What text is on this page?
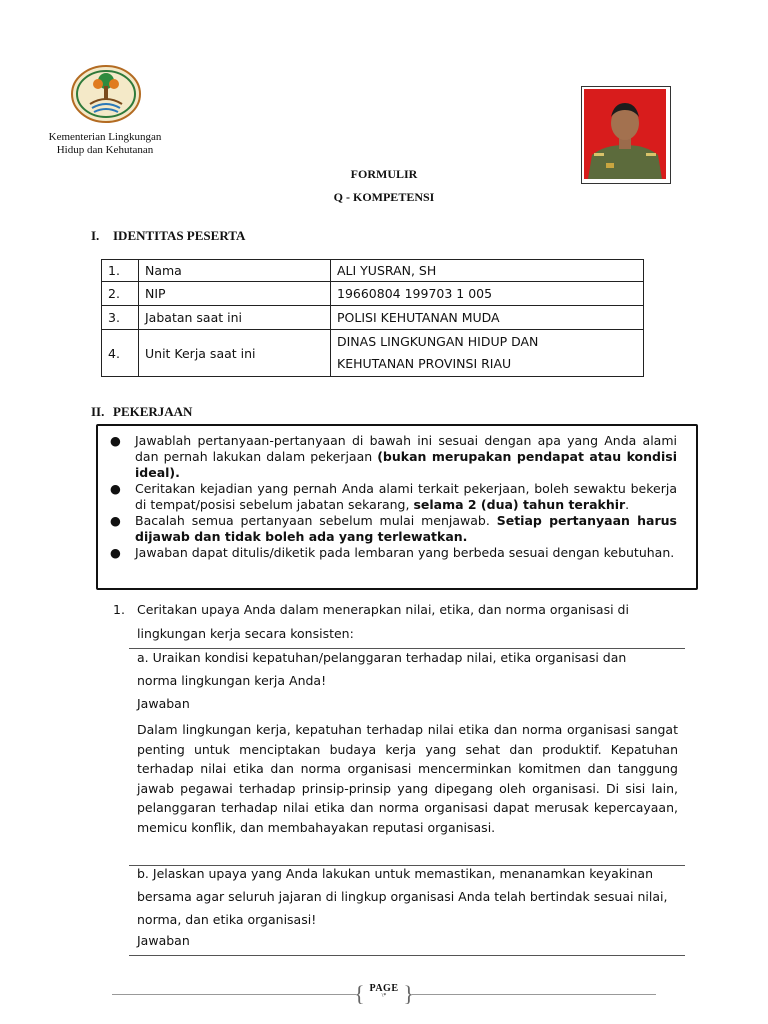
Kementerian Lingkungan
Hidup dan Kehutanan
FORMULIR
Q - KOMPETENSI
I. IDENTITAS PESERTA
1.	Nama	ALI YUSRAN, SH

2.	NIP	19660804 199703 1 005

3.	Jabatan saat ini	POLISI KEHUTANAN MUDA

4.	Unit Kerja saat ini	DINAS LINGKUNGAN HIDUP DAN
KEHUTANAN PROVINSI RIAU
II. PEKERJAAN
● Jawablah pertanyaan-pertanyaan di bawah ini sesuai dengan apa yang Anda alami dan pernah lakukan dalam pekerjaan (bukan merupakan pendapat atau kondisi ideal).
● Ceritakan kejadian yang pernah Anda alami terkait pekerjaan, boleh sewaktu bekerja di tempat/posisi sebelum jabatan sekarang, selama 2 (dua) tahun terakhir.
● Bacalah semua pertanyaan sebelum mulai menjawab. Setiap pertanyaan harus dijawab dan tidak boleh ada yang terlewatkan.
● Jawaban dapat ditulis/diketik pada lembaran yang berbeda sesuai dengan kebutuhan.
1. Ceritakan upaya Anda dalam menerapkan nilai, etika, dan norma organisasi di
lingkungan kerja secara konsisten:
a. Uraikan kondisi kepatuhan/pelanggaran terhadap nilai, etika organisasi dan
norma lingkungan kerja Anda!
Jawaban
Dalam lingkungan kerja, kepatuhan terhadap nilai etika dan norma organisasi sangat penting untuk menciptakan budaya kerja yang sehat dan produktif. Kepatuhan terhadap nilai etika dan norma organisasi mencerminkan komitmen dan tanggung jawab pegawai terhadap prinsip-prinsip yang dipegang oleh organisasi. Di sisi lain, pelanggaran terhadap nilai etika dan norma organisasi dapat merusak kepercayaan, memicu konflik, dan membahayakan reputasi organisasi.
b. Jelaskan upaya yang Anda lakukan untuk memastikan, menanamkan keyakinan
bersama agar seluruh jajaran di lingkup organisasi Anda telah bertindak sesuai nilai,
norma, dan etika organisasi!
Jawaban
{ PAGE
\* }
